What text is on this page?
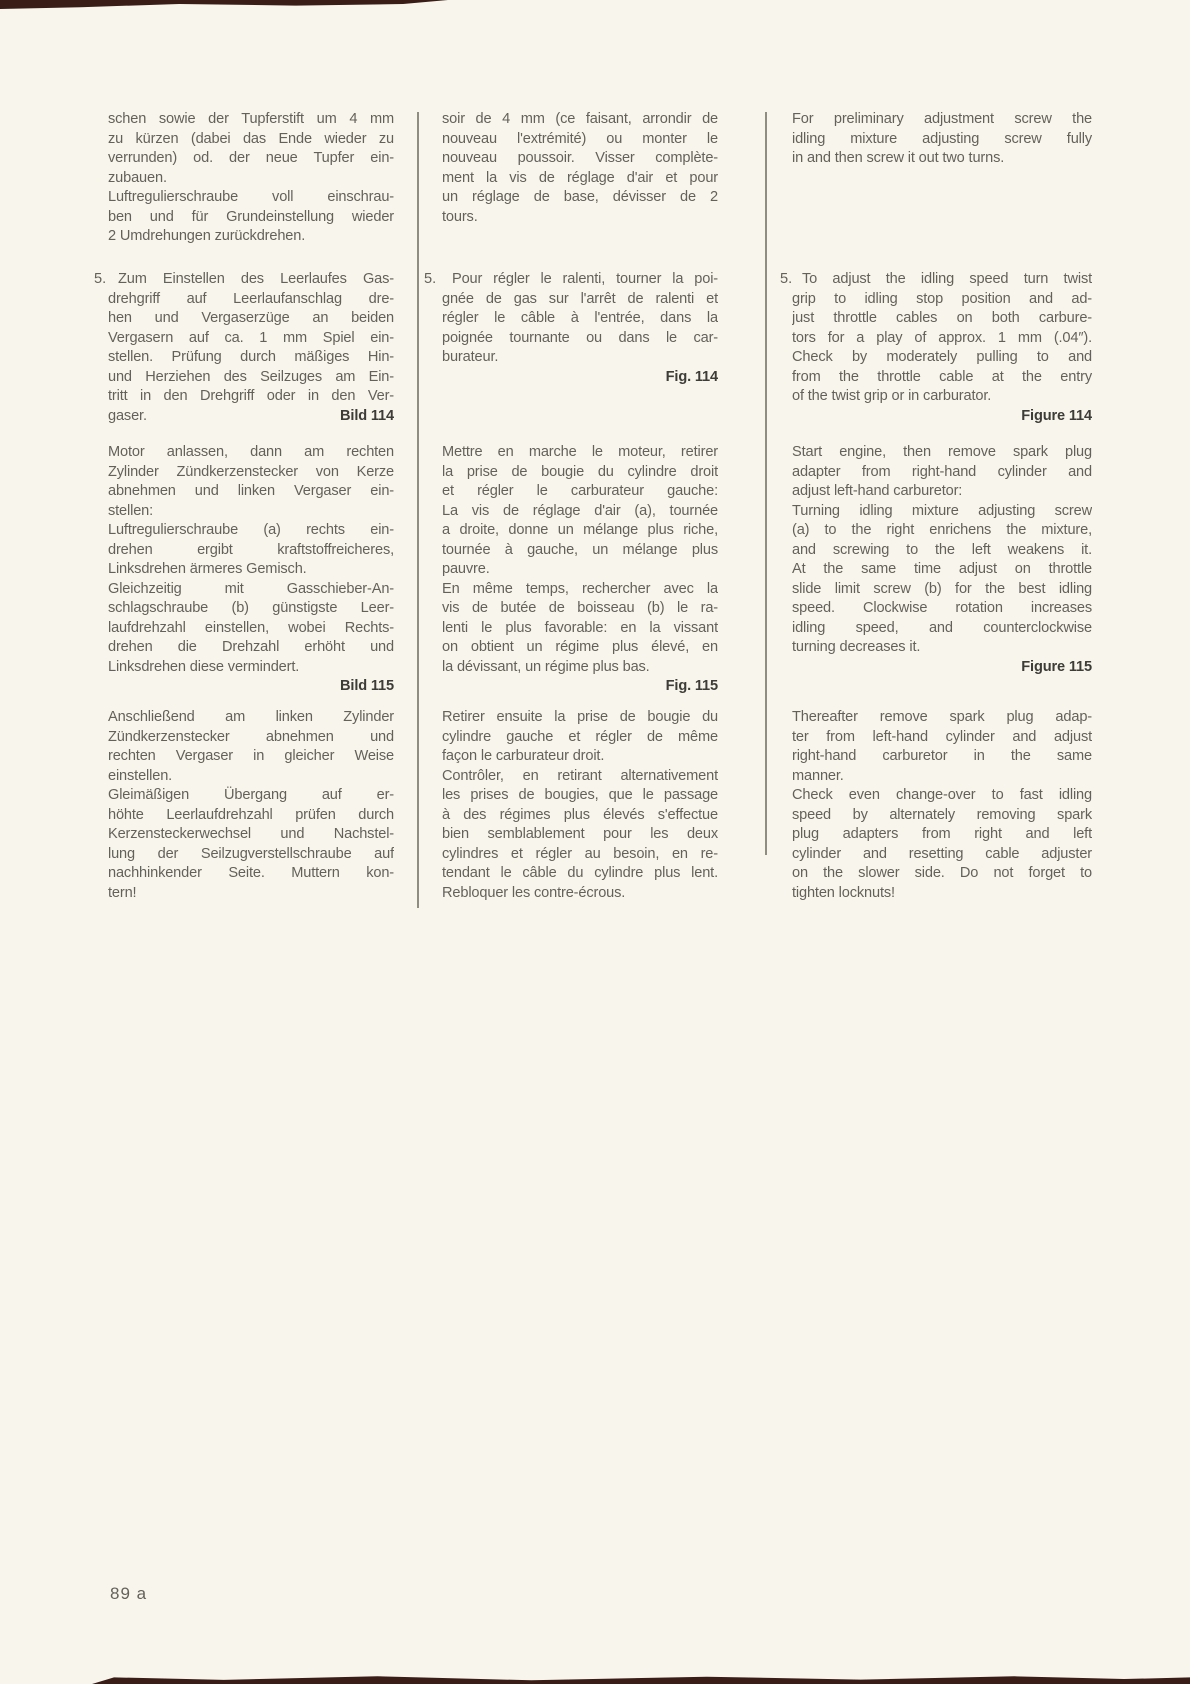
schen sowie der Tupferstift um 4 mm
zu kürzen (dabei das Ende wieder zu
verrunden) od. der neue Tupfer ein-
zubauen.
Luftregulierschraube voll einschrau-
ben und für Grundeinstellung wieder
2 Umdrehungen zurückdrehen.
5. Zum Einstellen des Leerlaufes Gas-
drehgriff auf Leerlaufanschlag dre-
hen und Vergaserzüge an beiden
Vergasern auf ca. 1 mm Spiel ein-
stellen. Prüfung durch mäßiges Hin-
und Herziehen des Seilzuges am Ein-
tritt in den Drehgriff oder in den Ver-
gaser.	Bild 114
Motor anlassen, dann am rechten
Zylinder Zündkerzenstecker von Kerze
abnehmen und linken Vergaser ein-
stellen:
Luftregulierschraube (a) rechts ein-
drehen ergibt kraftstoffreicheres,
Linksdrehen ärmeres Gemisch.
Gleichzeitig mit Gasschieber-An-
schlagschraube (b) günstigste Leer-
laufdrehzahl einstellen, wobei Rechts-
drehen die Drehzahl erhöht und
Linksdrehen diese vermindert.
Bild 115
Anschließend am linken Zylinder
Zündkerzenstecker abnehmen und
rechten Vergaser in gleicher Weise
einstellen.
Gleimäßigen Übergang auf er-
höhte Leerlaufdrehzahl prüfen durch
Kerzensteckerwechsel und Nachstel-
lung der Seilzugverstellschraube auf
nachhinkender Seite. Muttern kon-
tern!
soir de 4 mm (ce faisant, arrondir de
nouveau l'extrémité) ou monter le
nouveau poussoir. Visser complète-
ment la vis de réglage d'air et pour
un réglage de base, dévisser de 2
tours.
5.	Pour régler le ralenti, tourner la poi-
gnée de gas sur l'arrêt de ralenti et
régler le câble à l'entrée, dans la
poignée tournante ou dans le car-
burateur.
Fig. 114
Mettre en marche le moteur, retirer
la prise de bougie du cylindre droit
et régler le carburateur gauche:
La vis de réglage d'air (a), tournée
a droite, donne un mélange plus riche,
tournée à gauche, un mélange plus
pauvre.
En même temps, rechercher avec la
vis de butée de boisseau (b) le ra-
lenti le plus favorable: en la vissant
on obtient un régime plus élevé, en
la dévissant, un régime plus bas.
Fig. 115
Retirer ensuite la prise de bougie du
cylindre gauche et régler de même
façon le carburateur droit.
Contrôler, en retirant alternativement
les prises de bougies, que le passage
à des régimes plus élevés s'effectue
bien semblablement pour les deux
cylindres et régler au besoin, en re-
tendant le câble du cylindre plus lent.
Rebloquer les contre-écrous.
For preliminary adjustment screw the
idling mixture adjusting screw fully
in and then screw it out two turns.
5. To adjust the idling speed turn twist
grip to idling stop position and ad-
just throttle cables on both carbure-
tors for a play of approx. 1 mm (.04″).
Check by moderately pulling to and
from the throttle cable at the entry
of the twist grip or in carburator.
Figure 114
Start engine, then remove spark plug
adapter from right-hand cylinder and
adjust left-hand carburetor:
Turning idling mixture adjusting screw
(a) to the right enrichens the mixture,
and screwing to the left weakens it.
At the same time adjust on throttle
slide limit screw (b) for the best idling
speed. Clockwise rotation increases
idling speed, and counterclockwise
turning decreases it.
Figure 115
Thereafter remove spark plug adap-
ter from left-hand cylinder and adjust
right-hand carburetor in the same
manner.
Check even change-over to fast idling
speed by alternately removing spark
plug adapters from right and left
cylinder and resetting cable adjuster
on the slower side. Do not forget to
tighten locknuts!
89 a
